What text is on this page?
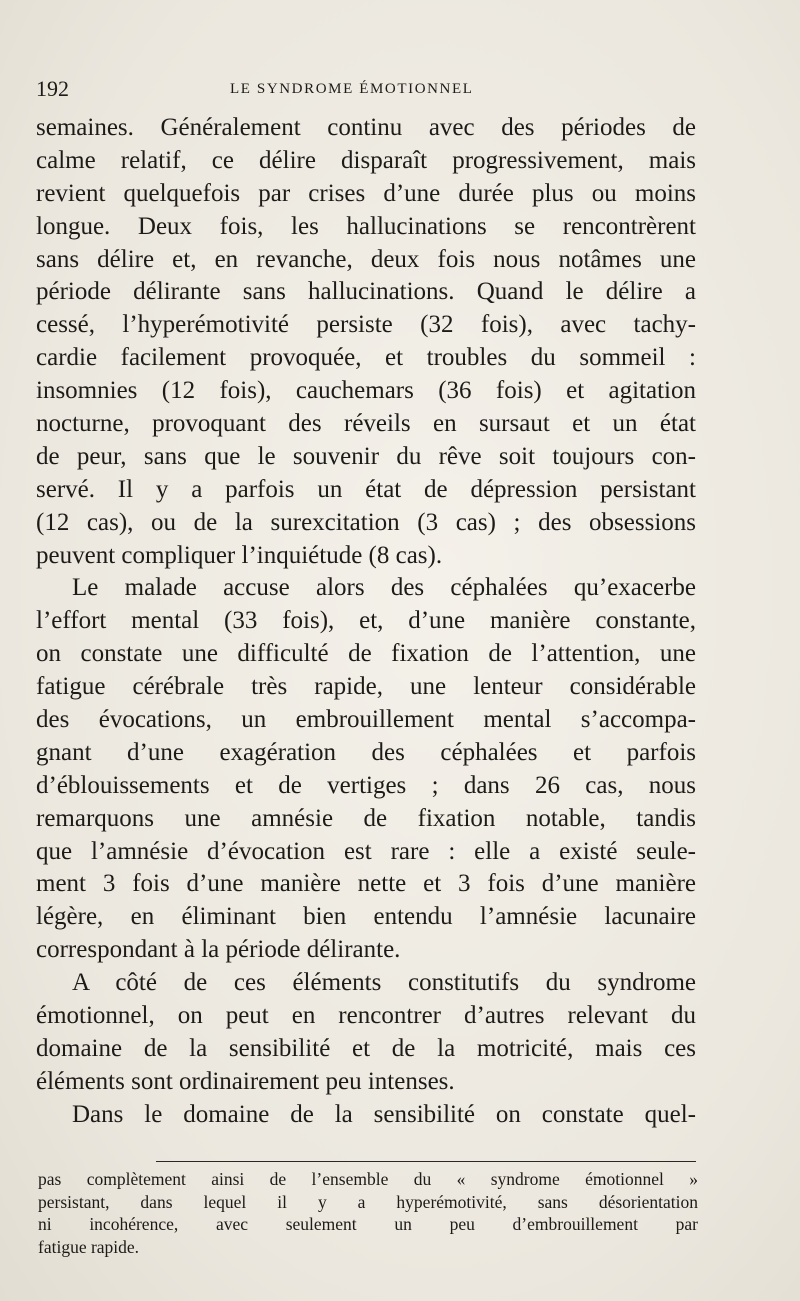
192	LE SYNDROME ÉMOTIONNEL
semaines. Généralement continu avec des périodes de
calme relatif, ce délire disparaît progressivement, mais
revient quelquefois par crises d’une durée plus ou moins
longue. Deux fois, les hallucinations se rencontrèrent
sans délire et, en revanche, deux fois nous notâmes une
période délirante sans hallucinations. Quand le délire a
cessé, l’hyperémotivité persiste (32 fois), avec tachy-
cardie facilement provoquée, et troubles du sommeil :
insomnies (12 fois), cauchemars (36 fois) et agitation
nocturne, provoquant des réveils en sursaut et un état
de peur, sans que le souvenir du rêve soit toujours con-
servé. Il y a parfois un état de dépression persistant
(12 cas), ou de la surexcitation (3 cas) ; des obsessions
peuvent compliquer l’inquiétude (8 cas).
Le malade accuse alors des céphalées qu’exacerbe
l’effort mental (33 fois), et, d’une manière constante,
on constate une difficulté de fixation de l’attention, une
fatigue cérébrale très rapide, une lenteur considérable
des évocations, un embrouillement mental s’accompa-
gnant d’une exagération des céphalées et parfois
d’éblouissements et de vertiges ; dans 26 cas, nous
remarquons une amnésie de fixation notable, tandis
que l’amnésie d’évocation est rare : elle a existé seule-
ment 3 fois d’une manière nette et 3 fois d’une manière
légère, en éliminant bien entendu l’amnésie lacunaire
correspondant à la période délirante.
A côté de ces éléments constitutifs du syndrome
émotionnel, on peut en rencontrer d’autres relevant du
domaine de la sensibilité et de la motricité, mais ces
éléments sont ordinairement peu intenses.
Dans le domaine de la sensibilité on constate quel-
pas complètement ainsi de l’ensemble du « syndrome émotionnel »
persistant, dans lequel il y a hyperémotivité, sans désorientation
ni incohérence, avec seulement un peu d’embrouillement par
fatigue rapide.
